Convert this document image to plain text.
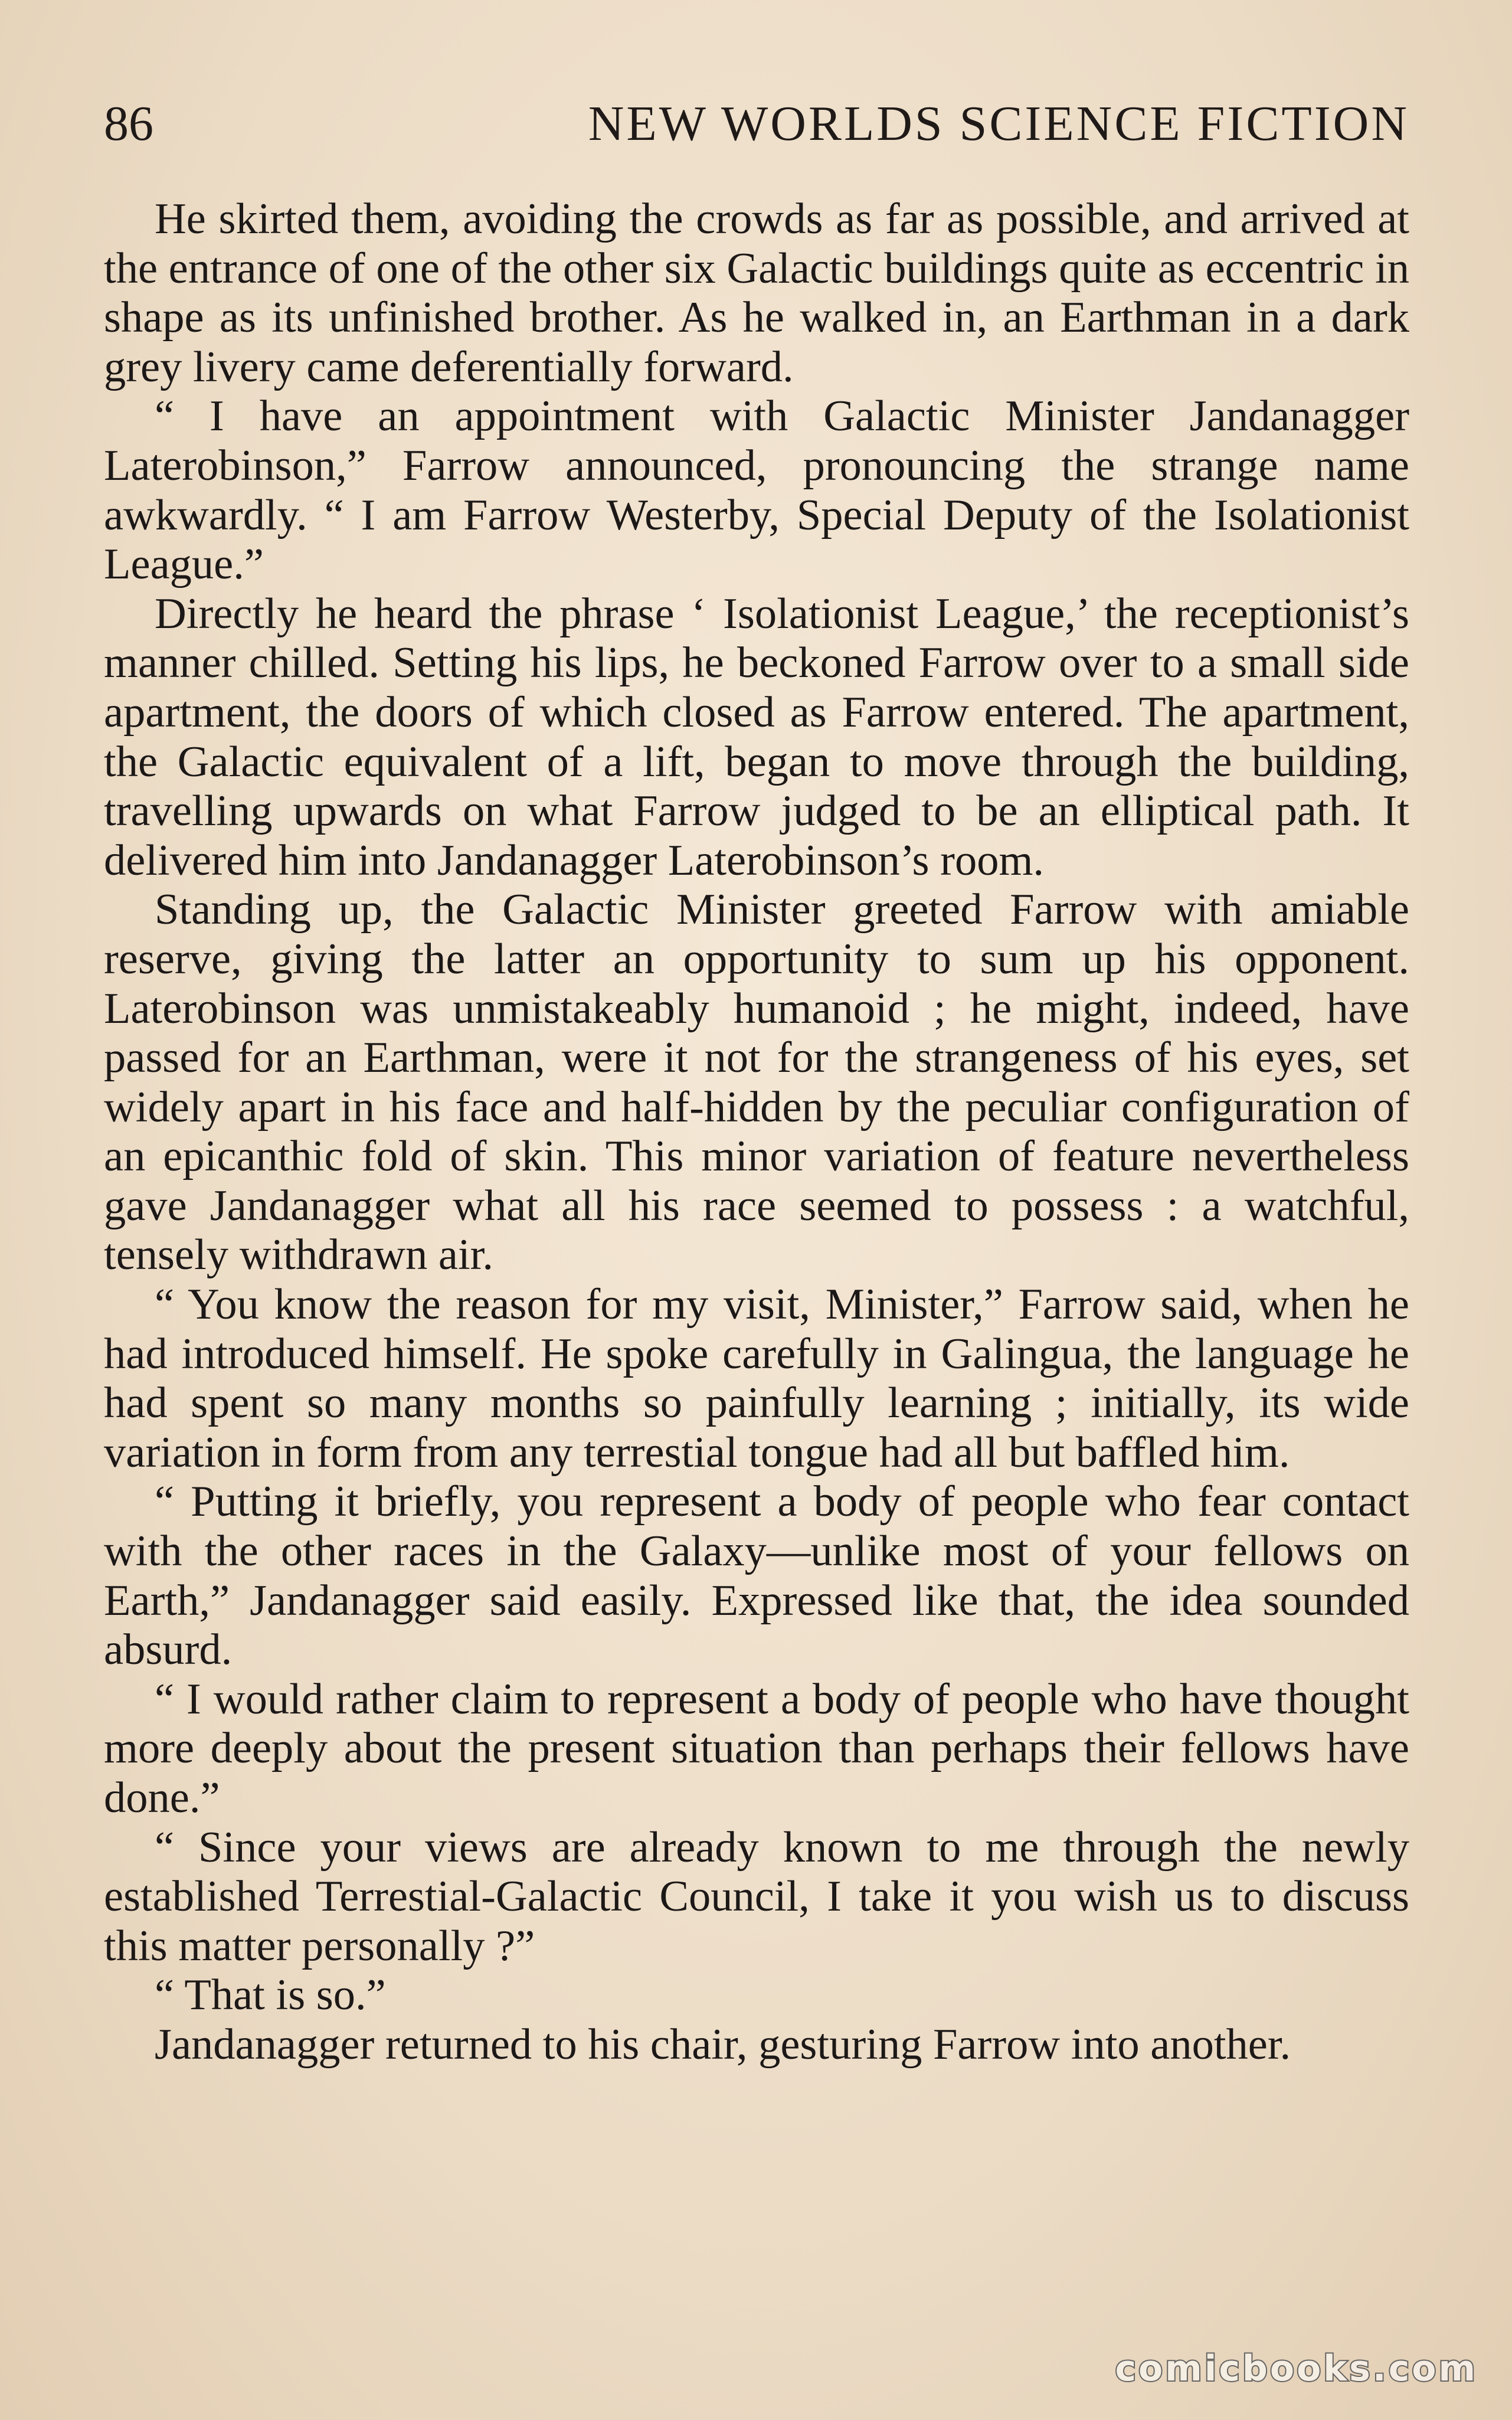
86	NEW WORLDS SCIENCE FICTION

He skirted them, avoiding the crowds as far as possible, and arrived at the entrance of one of the other six Galactic buildings quite as eccentric in shape as its unfinished brother. As he walked in, an Earthman in a dark grey livery came deferentially forward.

“ I have an appointment with Galactic Minister Jandanagger Laterobinson,” Farrow announced, pronouncing the strange name awkwardly. “ I am Farrow Westerby, Special Deputy of the Isolationist League.”

Directly he heard the phrase ‘ Isolationist League,’ the receptionist’s manner chilled. Setting his lips, he beckoned Farrow over to a small side apartment, the doors of which closed as Farrow entered. The apartment, the Galactic equivalent of a lift, began to move through the building, travelling upwards on what Farrow judged to be an elliptical path. It delivered him into Jandanagger Laterobinson’s room.

Standing up, the Galactic Minister greeted Farrow with amiable reserve, giving the latter an opportunity to sum up his opponent. Laterobinson was unmistakeably humanoid ; he might, indeed, have passed for an Earthman, were it not for the strangeness of his eyes, set widely apart in his face and half-hidden by the peculiar configuration of an epicanthic fold of skin. This minor variation of feature nevertheless gave Jandanagger what all his race seemed to possess : a watchful, tensely withdrawn air.

“ You know the reason for my visit, Minister,” Farrow said, when he had introduced himself. He spoke carefully in Galingua, the language he had spent so many months so painfully learning ; initially, its wide variation in form from any terrestial tongue had all but baffled him.

“ Putting it briefly, you represent a body of people who fear contact with the other races in the Galaxy—unlike most of your fellows on Earth,” Jandanagger said easily. Expressed like that, the idea sounded absurd.

“ I would rather claim to represent a body of people who have thought more deeply about the present situation than perhaps their fellows have done.”

“ Since your views are already known to me through the newly established Terrestial-Galactic Council, I take it you wish us to discuss this matter personally ?”

“ That is so.”

Jandanagger returned to his chair, gesturing Farrow into another.

comicbooks.com
